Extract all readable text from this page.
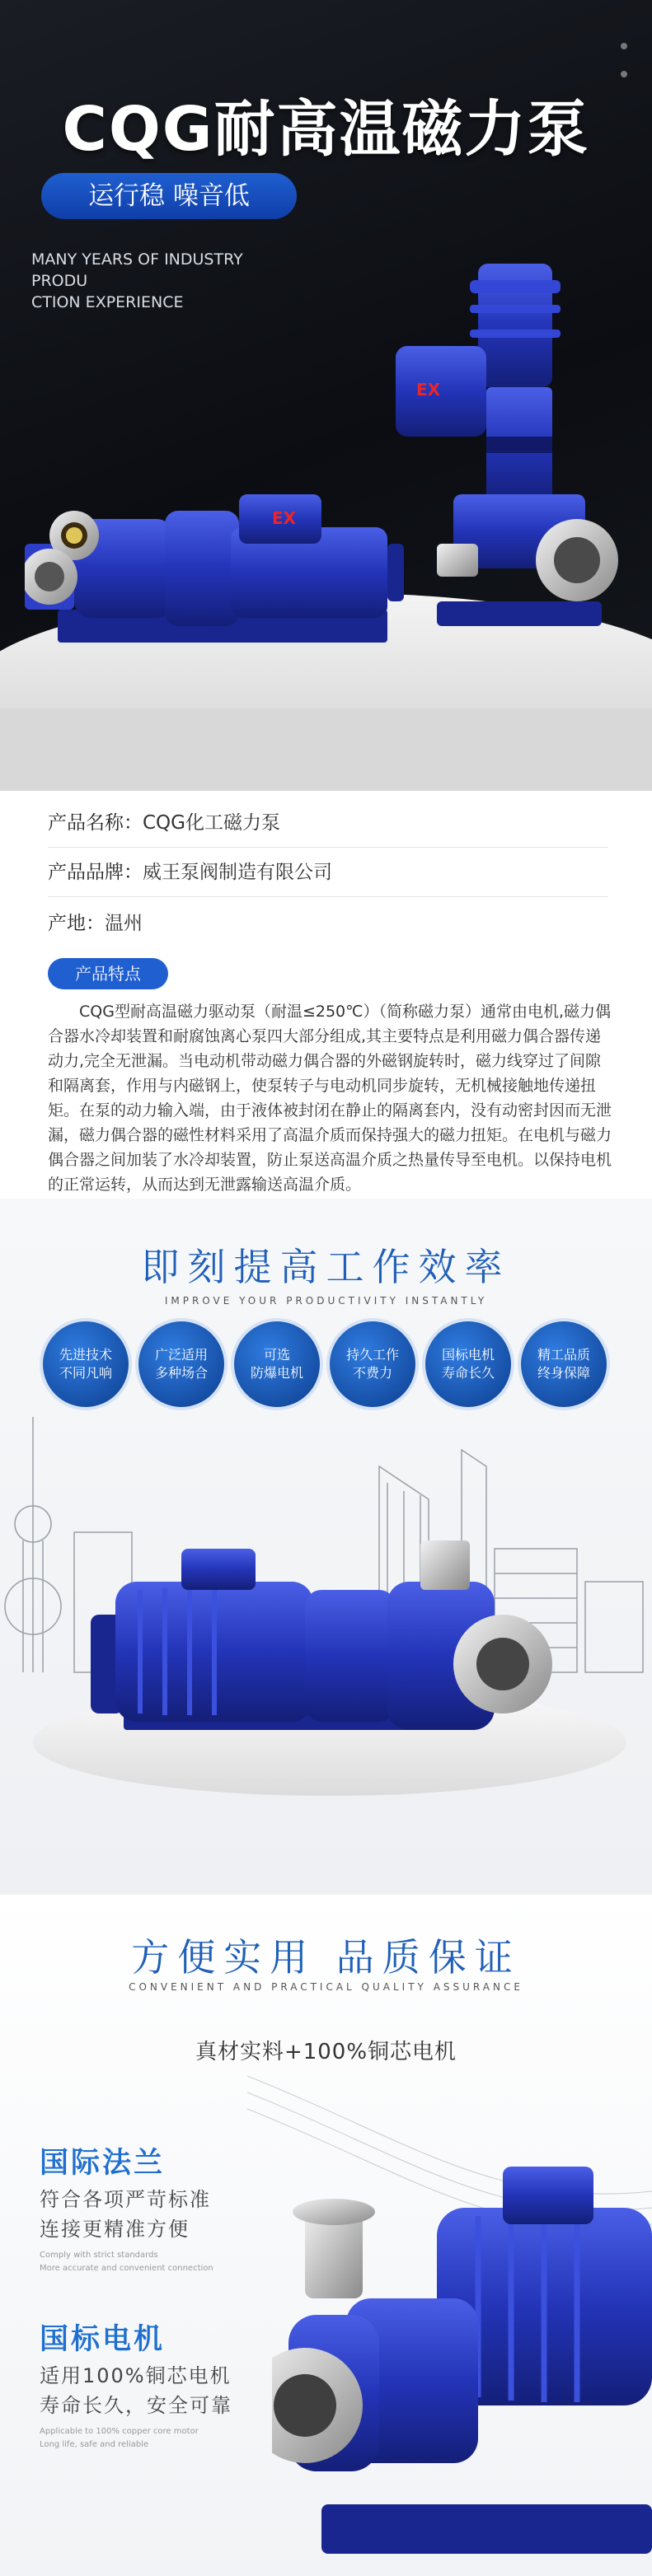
CQG耐高温磁力泵
运行稳 噪音低
MANY YEARS OF INDUSTRY PRODU
CTION EXPERIENCE
EX
EX
产品名称：CQG化工磁力泵
产品品牌：威王泵阀制造有限公司
产地：温州
产品特点
CQG型耐高温磁力驱动泵（耐温≤250℃）（简称磁力泵）通常由电机,磁力偶合器水冷却装置和耐腐蚀离心泵四大部分组成,其主要特点是利用磁力偶合器传递动力,完全无泄漏。当电动机带动磁力偶合器的外磁钢旋转时，磁力线穿过了间隙和隔离套，作用与内磁钢上，使泵转子与电动机同步旋转，无机械接触地传递扭矩。在泵的动力输入端，由于液体被封闭在静止的隔离套内，没有动密封因而无泄漏，磁力偶合器的磁性材料采用了高温介质而保持强大的磁力扭矩。在电机与磁力偶合器之间加装了水冷却装置，防止泵送高温介质之热量传导至电机。以保持电机的正常运转，从而达到无泄露输送高温介质。
即刻提高工作效率
IMPROVE YOUR PRODUCTIVITY INSTANTLY
先进技术
不同凡响
广泛适用
多种场合
可选
防爆电机
持久工作
不费力
国标电机
寿命长久
精工品质
终身保障
方便实用 品质保证
CONVENIENT AND PRACTICAL QUALITY ASSURANCE
真材实料+100%铜芯电机
国际法兰
符合各项严苛标准
连接更精准方便
Comply with strict standards
More accurate and convenient connection
国标电机
适用100%铜芯电机
寿命长久，安全可靠
Applicable to 100% copper core motor
Long life, safe and reliable
